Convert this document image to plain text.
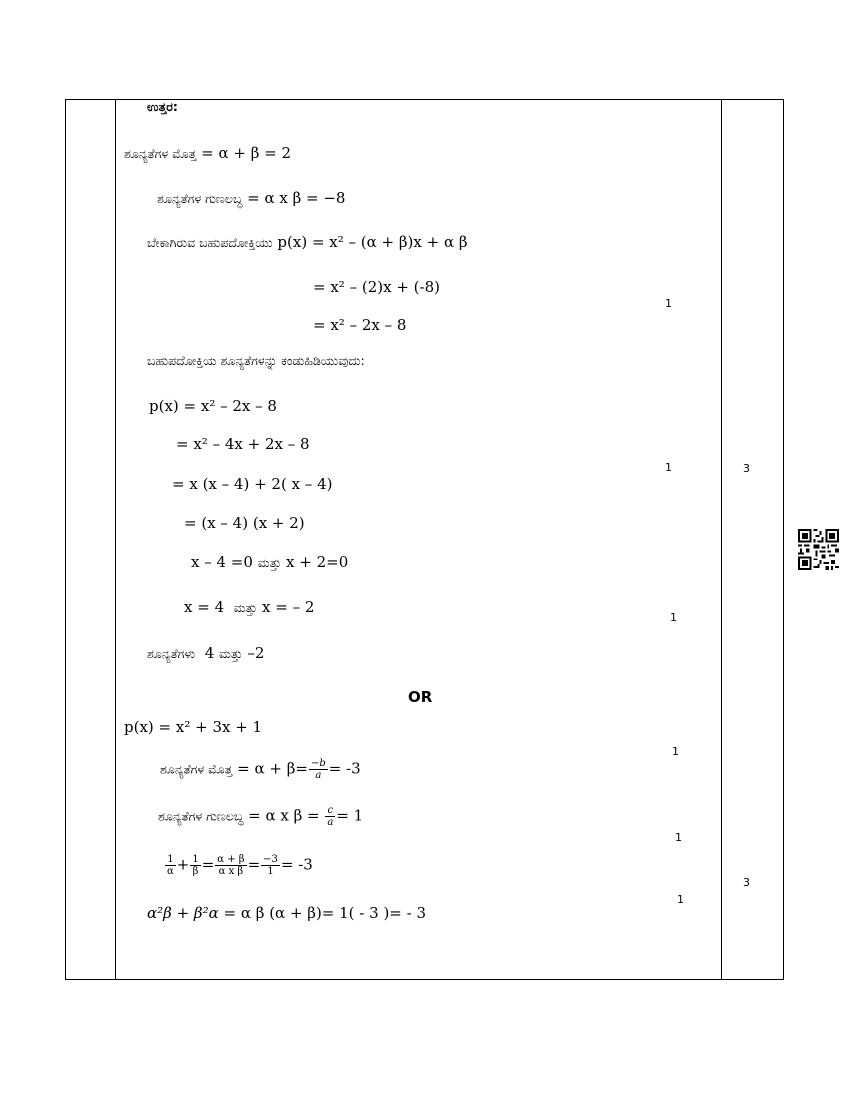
ಉತ್ತರ:
ಶೂನ್ಯತೆಗಳ ಮೊತ್ತ = α + β = 2
ಶೂನ್ಯತೆಗಳ ಗುಣಲಬ್ಧ = α x β = −8
ಬೇಕಾಗಿರುವ ಬಹುಪದೋಕ್ತಿಯು p(x) = x² – (α + β)x + α β
= x² – (2)x + (-8)
= x² – 2x – 8
ಬಹುಪದೋಕ್ತಿಯ ಶೂನ್ಯತೆಗಳನ್ನು ಕಂಡುಹಿಡಿಯುವುದು:
p(x) = x² – 2x – 8
= x² – 4x + 2x – 8
= x (x – 4) + 2( x – 4)
= (x – 4) (x + 2)
x – 4 =0 ಮತ್ತು x + 2=0
x = 4 ಮತ್ತು x = – 2
ಶೂನ್ಯತೆಗಳು 4 ಮತ್ತು –2
OR
p(x) = x² + 3x + 1
ಶೂನ್ಯತೆಗಳ ಮೊತ್ತ = $\alpha + \beta= \frac{-b}{a} = -3$
ಶೂನ್ಯತೆಗಳ ಗುಣಲಬ್ಧ = α x $\beta = \frac{c}{a} = 1$
$\frac{1}{\alpha} + \frac{1}{\beta} = \frac{\alpha + \beta}{\text{α x β}} = \frac{-3}{1} = -3$
α²β + β²α = α β (α + β)= 1( - 3 )= - 3
1
1
1
1
1
1
3
3
